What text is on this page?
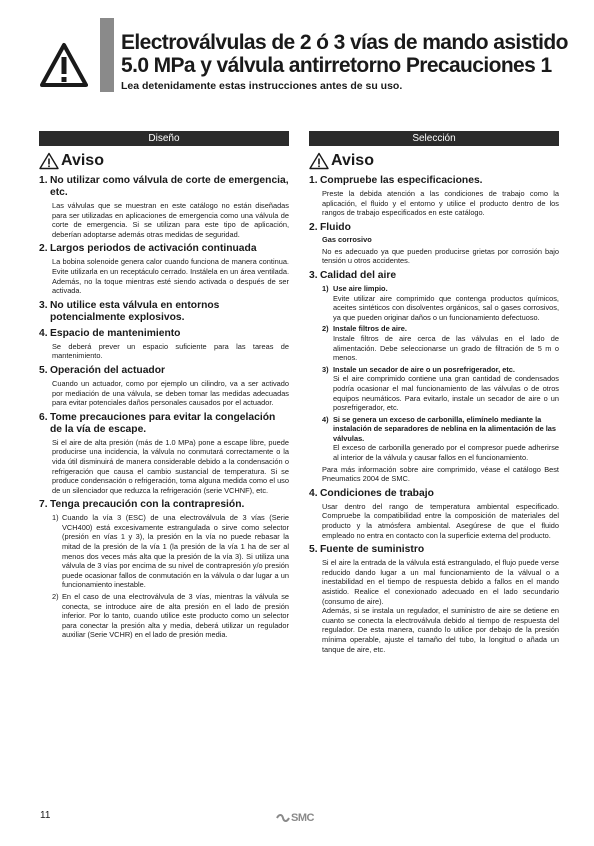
Electroválvulas de 2 ó 3 vías de mando asistido
5.0 MPa y válvula antirretorno Precauciones 1
Lea detenidamente estas instrucciones antes de su uso.
Diseño
Aviso
1. No utilizar como válvula de corte de emergencia, etc.
Las válvulas que se muestran en este catálogo no están diseñadas para ser utilizadas en aplicaciones de emergencia como una válvula de corte de emergencia. Si se utilizan para este tipo de aplicación, deberían adoptarse además otras medidas de seguridad.
2. Largos periodos de activación continuada
La bobina solenoide genera calor cuando funciona de manera continua. Evite utilizarla en un receptáculo cerrado. Instálela en un área ventilada. Además, no la toque mientras esté siendo activada o después de ser activada.
3. No utilice esta válvula en entornos potencialmente explosivos.
4. Espacio de mantenimiento
Se deberá prever un espacio suficiente para las tareas de mantenimiento.
5. Operación del actuador
Cuando un actuador, como por ejemplo un cilindro, va a ser activado por mediación de una válvula, se deben tomar las medidas adecuadas para evitar potenciales daños personales causados por el actuador.
6. Tome precauciones para evitar la congelación de la vía de escape.
Si el aire de alta presión (más de 1.0 MPa) pone a escape libre, puede producirse una incidencia, la válvula no conmutará correctamente o la vida útil disminuirá de manera considerable debido a la condensación o refrigeración que causa el cambio sustancial de temperatura. Si se produce condensación o refrigeración, toma alguna medida como el uso de un silenciador que reduzca la refrigeración (serie VCHNF), etc.
7. Tenga precaución con la contrapresión.
1) Cuando la vía 3 (ESC) de una electroválvula de 3 vías (Serie VCH400) está excesivamente estrangulada o sirve como selector (presión en vías 1 y 3), la presión en la vía no puede rebasar la mitad de la presión de la vía 1 (la presión de la vía 1 ha de ser al menos dos veces más alta que la presión de la vía 3). Si utiliza una válvula de 3 vías por encima de su nivel de contrapresión y/o presión puede ocasionar fallos de conmutación en la válvula o dar lugar a un funcionamiento inestable.
2) En el caso de una electroválvula de 3 vías, mientras la válvula se conecta, se introduce aire de alta presión en el lado de presión inferior. Por lo tanto, cuando utilice este producto como un selector para conectar la presión alta y media, deberá utilizar un regulador auxiliar (Serie VCHR) en el lado de presión media.
Selección
Aviso
1. Compruebe las especificaciones.
Preste la debida atención a las condiciones de trabajo como la aplicación, el fluido y el entorno y utilice el producto dentro de los rangos de trabajo especificados en este catálogo.
2. Fluido
Gas corrosivo
No es adecuado ya que pueden producirse grietas por corrosión bajo tensión u otros accidentes.
3. Calidad del aire
1) Use aire limpio.
Evite utilizar aire comprimido que contenga productos químicos, aceites sintéticos con disolventes orgánicos, sal o gases corrosivos, ya que pueden originar daños o un funcionamiento defectuoso.
2) Instale filtros de aire.
Instale filtros de aire cerca de las válvulas en el lado de alimentación. Debe seleccionarse un grado de filtración de 5 m o menos.
3) Instale un secador de aire o un posrefrigerador, etc.
Si el aire comprimido contiene una gran cantidad de condensados podría ocasionar el mal funcionamiento de las válvulas o de otros equipos neumáticos. Para evitarlo, instale un secador de aire o un posrefrigerador, etc.
4) Si se genera un exceso de carbonilla, elimínelo mediante la instalación de separadores de neblina en la alimentación de las válvulas.
El exceso de carbonilla generado por el compresor puede adherirse al interior de la válvula y causar fallos en el funcionamiento.
Para más información sobre aire comprimido, véase el catálogo Best Pneumatics 2004 de SMC.
4. Condiciones de trabajo
Usar dentro del rango de temperatura ambiental especificado. Compruebe la compatibilidad entre la composición de materiales del producto y la atmósfera ambiental. Asegúrese de que el fluido empleado no entra en contacto con la superficie externa del producto.
5. Fuente de suministro
Si el aire la entrada de la válvula está estrangulado, el flujo puede verse reducido dando lugar a un mal funcionamiento de la válvual o a inestabilidad en el tiempo de respuesta debido a fallos en el mando asistido. Realice el conexionado adecuado en el lado secundario (consumo de aire).
Además, si se instala un regulador, el suministro de aire se detiene en cuanto se conecta la electroválvula debido al tiempo de respuesta del regulador. De esta manera, cuando lo utilice por debajo de la presión mínima operable, ajuste el tamaño del tubo, la longitud o añada un tanque de aire, etc.
11	SMC
